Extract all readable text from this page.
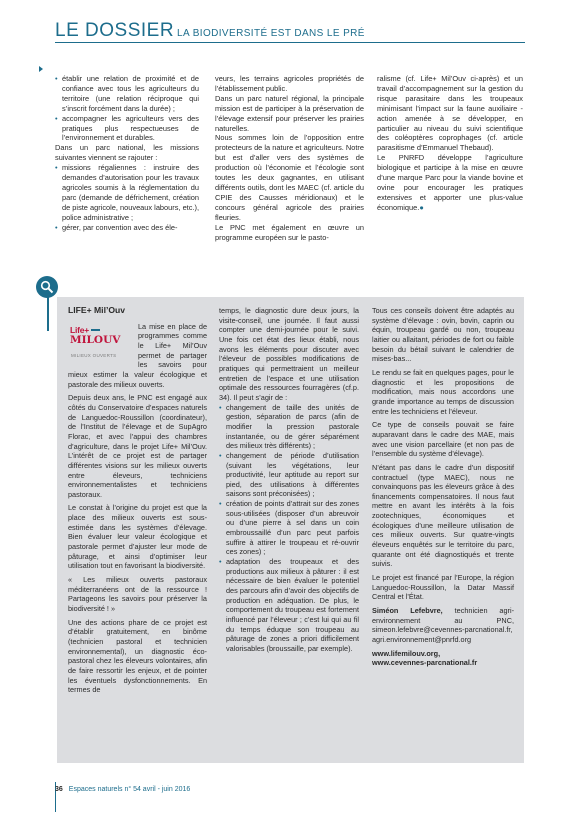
LE DOSSIER LA BIODIVERSITÉ EST DANS LE PRÉ

• établir une relation de proximité et de confiance avec tous les agriculteurs du territoire (une relation réciproque qui s’inscrit forcément dans la durée) ;

• accompagner les agriculteurs vers des pratiques plus respectueuses de l’environnement et durables.

Dans un parc national, les missions suivantes viennent se rajouter :

• missions régaliennes : instruire des demandes d’autorisation pour les travaux agricoles soumis à la réglementation du parc (demande de défrichement, création de piste agricole, nouveaux labours, etc.), police administrative ;

• gérer, par convention avec des éle-

veurs, les terrains agricoles propriétés de l’établissement public.

Dans un parc naturel régional, la principale mission est de participer à la préservation de l’élevage extensif pour préserver les prairies naturelles.

Nous sommes loin de l’opposition entre protecteurs de la nature et agriculteurs. Notre but est d’aller vers des systèmes de production où l’économie et l’écologie sont toutes les deux gagnantes, en utilisant différents outils, dont les MAEC (cf. article du CPIE des Causses méridionaux) et le concours général agricole des prairies fleuries.

Le PNC met également en œuvre un programme européen sur le pasto-

ralisme (cf. Life+ Mil’Ouv ci-après) et un travail d’accompagnement sur la gestion du risque parasitaire dans les troupeaux minimisant l’impact sur la faune auxiliaire - action amenée à se développer, en particulier au niveau du suivi scientifique des coléoptères coprophages (cf. article parasitisme d’Emmanuel Thebaud).

Le PNRFD développe l’agriculture biologique et participe à la mise en œuvre d’une marque Parc pour la viande bovine et ovine pour encourager les pratiques extensives et apporter une plus-value économique.●

LIFE+ Mil’Ouv
Life+
MILOUV
MILIEUX OUVERTS

La mise en place de programmes comme le Life+ Mil’Ouv permet de partager les savoirs pour mieux estimer la valeur écologique et pastorale des milieux ouverts.

Depuis deux ans, le PNC est engagé aux côtés du Conservatoire d’espaces naturels de Languedoc-Roussillon (coordinateur), de l’Institut de l’élevage et de SupAgro Florac, et avec l’appui des chambres d’agriculture, dans le projet Life+ Mil’Ouv. L’intérêt de ce projet est de partager différentes visions sur les milieux ouverts entre éleveurs, techniciens environnementalistes et techniciens pastoraux.

Le constat à l’origine du projet est que la place des milieux ouverts est sous-estimée dans les systèmes d’élevage. Bien évaluer leur valeur écologique et pastorale permet d’ajuster leur mode de pâturage, et ainsi d’optimiser leur utilisation tout en favorisant la biodiversité.

« Les milieux ouverts pastoraux méditerranéens ont de la ressource ! Partageons les savoirs pour préserver la biodiversité ! »

Une des actions phare de ce projet est d’établir gratuitement, en binôme (technicien pastoral et technicien environnemental), un diagnostic éco-pastoral chez les éleveurs volontaires, afin de faire ressortir les enjeux, et de pointer les éventuels dysfonctionnements. En termes de

temps, le diagnostic dure deux jours, la visite-conseil, une journée. Il faut aussi compter une demi-journée pour le suivi. Une fois cet état des lieux établi, nous avons les éléments pour discuter avec l’éleveur de possibles modifications de pratiques qui permettraient un meilleur entretien de l’espace et une utilisation optimale des ressources fourragères (cf.p. 34). Il peut s’agir de :

• changement de taille des unités de gestion, séparation de parcs (afin de modifier la pression pastorale instantanée, ou de gérer séparément des milieux très différents) ;

• changement de période d’utilisation (suivant les végétations, leur productivité, leur aptitude au report sur pied, des utilisations à différentes saisons sont préconisées) ;

• création de points d’attrait sur des zones sous-utilisées (disposer d’un abreuvoir ou d’une pierre à sel dans un coin embroussaillé d’un parc peut parfois suffire à attirer le troupeau et ré-ouvrir ces zones) ;

• adaptation des troupeaux et des productions aux milieux à pâturer : il est nécessaire de bien évaluer le potentiel des parcours afin d’avoir des objectifs de production en adéquation. De plus, le comportement du troupeau est fortement influencé par l’éleveur ; c’est lui qui au fil du temps éduque son troupeau au pâturage de zones a priori difficilement valorisables (broussaille, par exemple).

Tous ces conseils doivent être adaptés au système d’élevage : ovin, bovin, caprin ou équin, troupeau gardé ou non, troupeau laitier ou allaitant, périodes de fort ou faible besoin du bétail suivant le calendrier de mises-bas...

Le rendu se fait en quelques pages, pour le diagnostic et les propositions de modification, mais nous accordons une grande importance au temps de discussion entre les techniciens et l’éleveur.

Ce type de conseils pouvait se faire auparavant dans le cadre des MAE, mais avec une vision parcellaire (et non pas de l’ensemble du système d’élevage).

N’étant pas dans le cadre d’un dispositif contractuel (type MAEC), nous ne convainquons pas les éleveurs grâce à des financements compensatoires. Il nous faut mettre en avant les intérêts à la fois zootechniques, économiques et écologiques d’une meilleure utilisation de ces milieux ouverts. Sur quatre-vingts éleveurs enquêtés sur le territoire du parc, quarante ont été diagnostiqués et trente suivis.

Le projet est financé par l’Europe, la région Languedoc-Roussillon, la Datar Massif Central et l’État.

Siméon Lefebvre, technicien agri-environnement au PNC, simeon.lefebvre@cevennes-parcnational.fr, agri.environnement@pnrfd.org

www.lifemilouv.org,

www.cevennes-parcnational.fr

36 Espaces naturels n° 54 avril - juin 2016
